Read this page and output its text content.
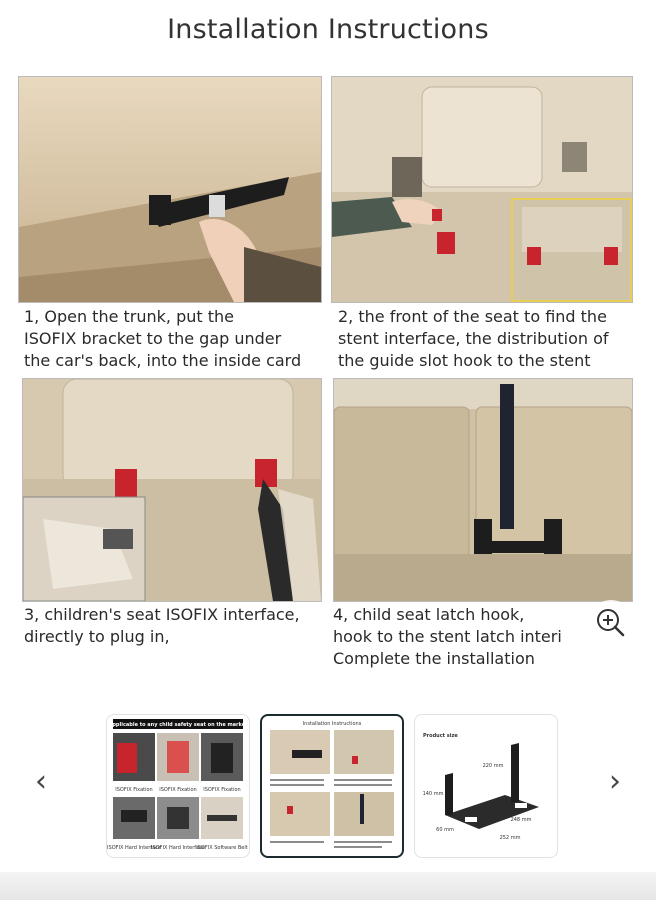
Installation Instructions
1, Open the trunk, put the
ISOFIX bracket to the gap under
the car's back, into the inside card
2, the front of the seat to find the
stent interface, the distribution of
the guide slot hook to the stent
3, children's seat ISOFIX interface,
directly to plug in,
4, child seat latch hook,
hook to the stent latch interi
Complete the installation
‹
Applicable to any child safety seat on the market
ISOFIX Fixation ISOFIX Fixation ISOFIX Fixation
ISOFIX Hard Interface
ISOFIX Hard Interface
ISOFIX Software Belt
Installation Instructions
Product size
220 mm
140 mm
248 mm
252 mm
60 mm
›
